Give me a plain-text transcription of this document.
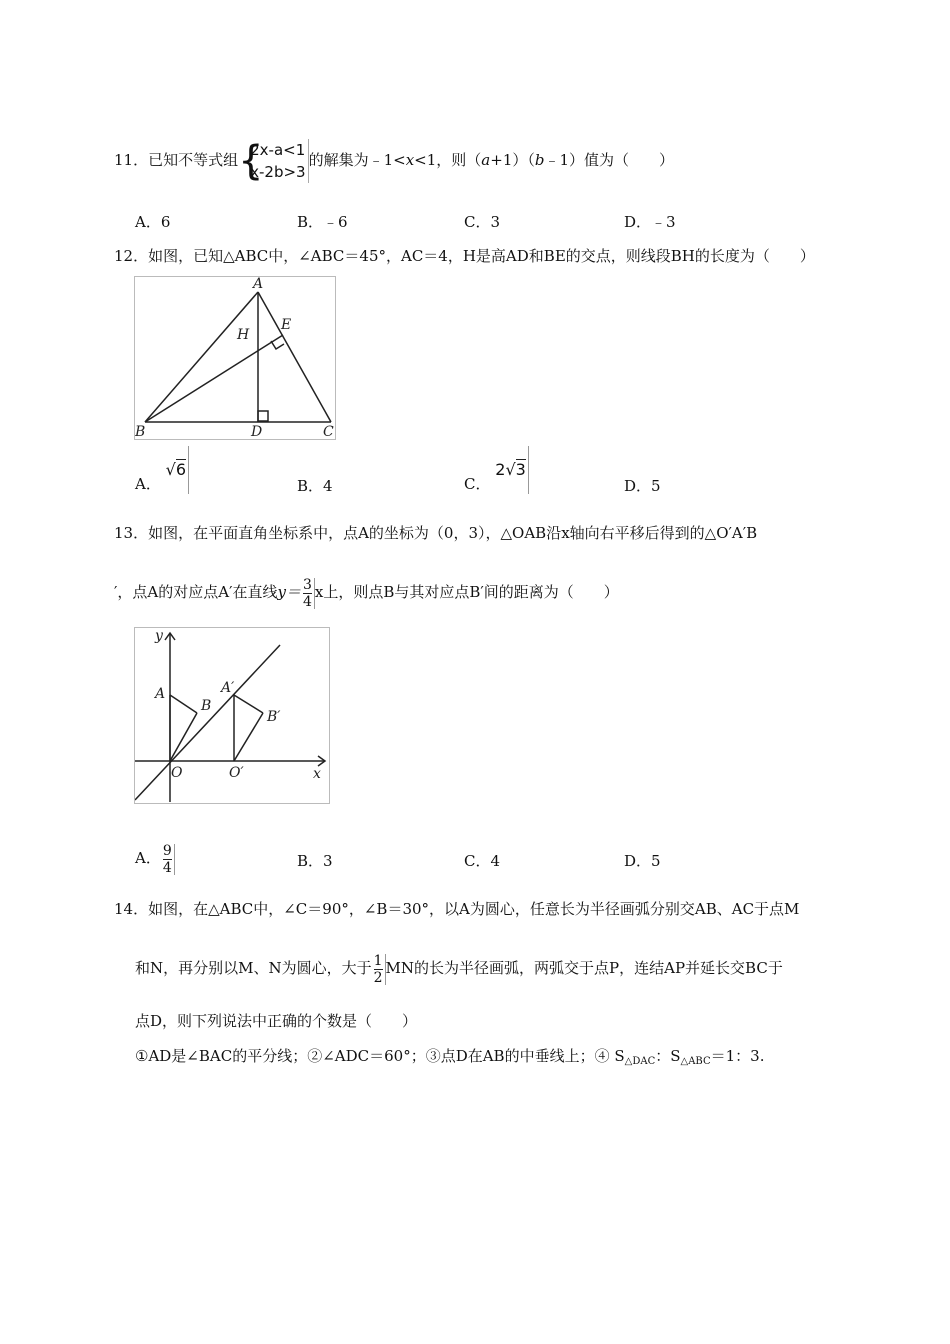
11．已知不等式组 {
2x-a<1
x-2b>3
的解集为﹣1<x<1，则（a+1）（b﹣1）值为（　　）
A．6	B．﹣6	C．3	D．﹣3
12．如图，已知△ABC中，∠ABC＝45°，AC＝4，H是高AD和BE的交点，则线段BH的长度为（　　）
A
B	C
D
E
H
A． √6
B．4	C． 2√3
D．5
13．如图，在平面直角坐标系中，点A的坐标为（0，3），△OAB沿x轴向右平移后得到的△O′A′B
′，点A的对应点A′在直线$y= \frac{3}{4}$ x上，则点B与其对应点B′间的距离为（　　）
y
A
B
A′
B′
O	O′	x
A． $\frac{9}{4}$	B．3	C．4	D．5
14．如图，在△ABC中，∠C＝90°，∠B＝30°，以A为圆心，任意长为半径画弧分别交AB、AC于点M
和N，再分别以M、N为圆心，大于 $\frac{1}{2}$ MN的长为半径画弧，两弧交于点P，连结AP并延长交BC于
点D，则下列说法中正确的个数是（　　）
①AD是∠BAC的平分线；②∠ADC＝60°；③点D在AB的中垂线上；④ $S_{\triangle DAC}$：$S_{\triangle ABC}=1$：3.
